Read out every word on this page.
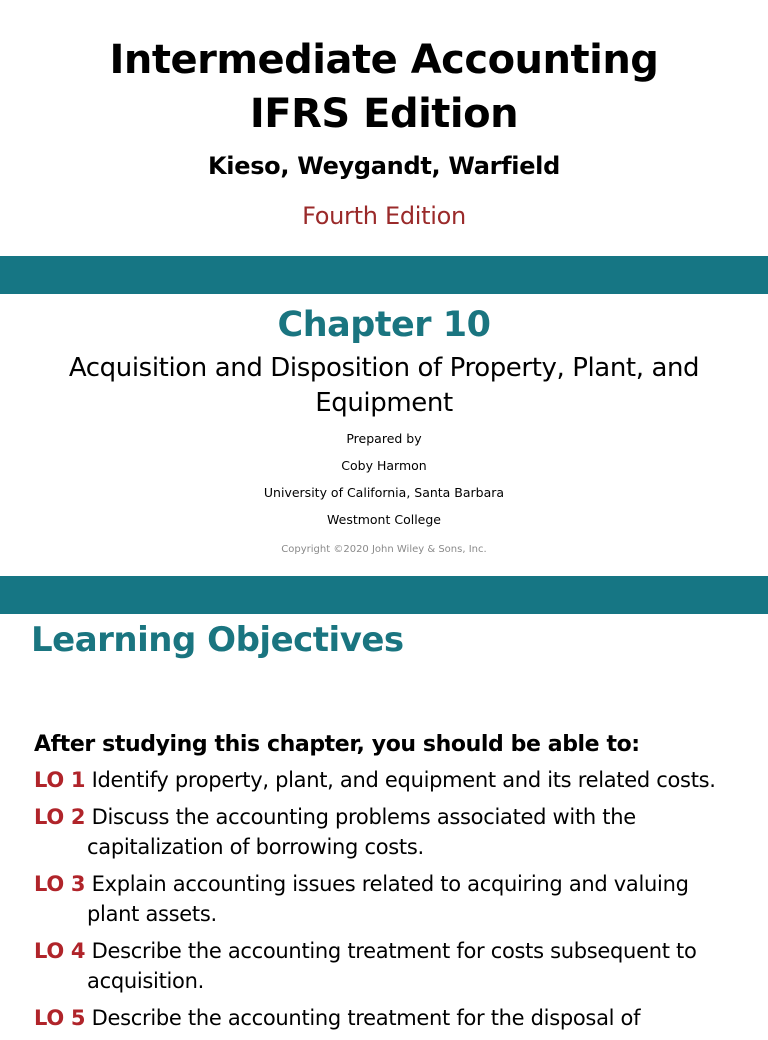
Intermediate Accounting
IFRS Edition
Kieso, Weygandt, Warfield
Fourth Edition
Chapter 10
Acquisition and Disposition of Property, Plant, and Equipment
Prepared by
Coby Harmon
University of California, Santa Barbara
Westmont College
Copyright ©2020 John Wiley & Sons, Inc.
Learning Objectives
After studying this chapter, you should be able to:
LO 1 Identify property, plant, and equipment and its related costs.
LO 2 Discuss the accounting problems associated with the capitalization of borrowing costs.
LO 3 Explain accounting issues related to acquiring and valuing plant assets.
LO 4 Describe the accounting treatment for costs subsequent to acquisition.
LO 5 Describe the accounting treatment for the disposal of
